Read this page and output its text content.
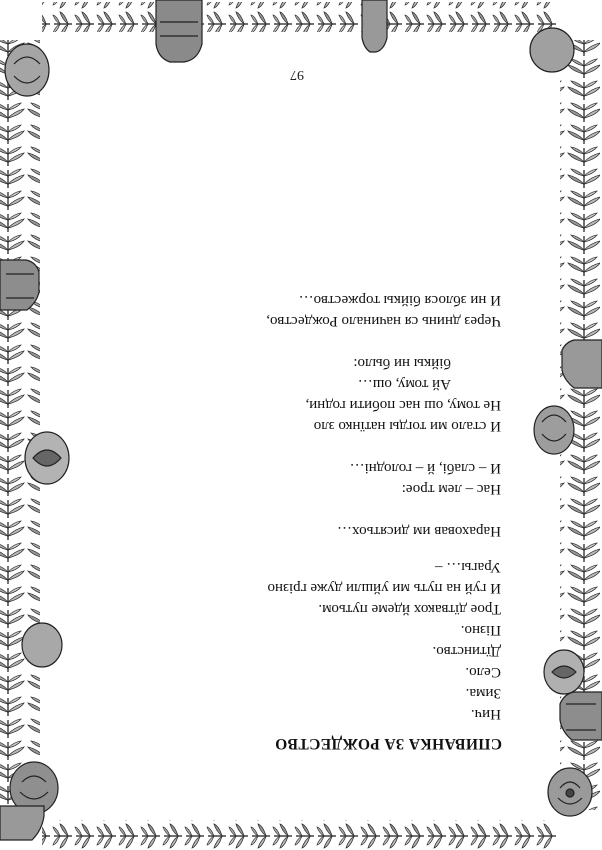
97
СПИВАНКА ЗА РОЖДЕСТВО
Нич.
Зима.
Село.
Дїтинство.
Пізно.
Трое дїтвакох йдеме путьом.
И гуй на путь ми уйшли дуже грізно
Урагы… –
Нараховав им дисятьох…
Нас – лем трое:
И – слабі, й – голодні…
И стало ми тогды натїнко зло
Не тому, ош нас побити годни,
Ай тому, ош…
бійкы ни было:
Через днинь ся начинало Рождество,
И ни зблося бійкы торжество…
